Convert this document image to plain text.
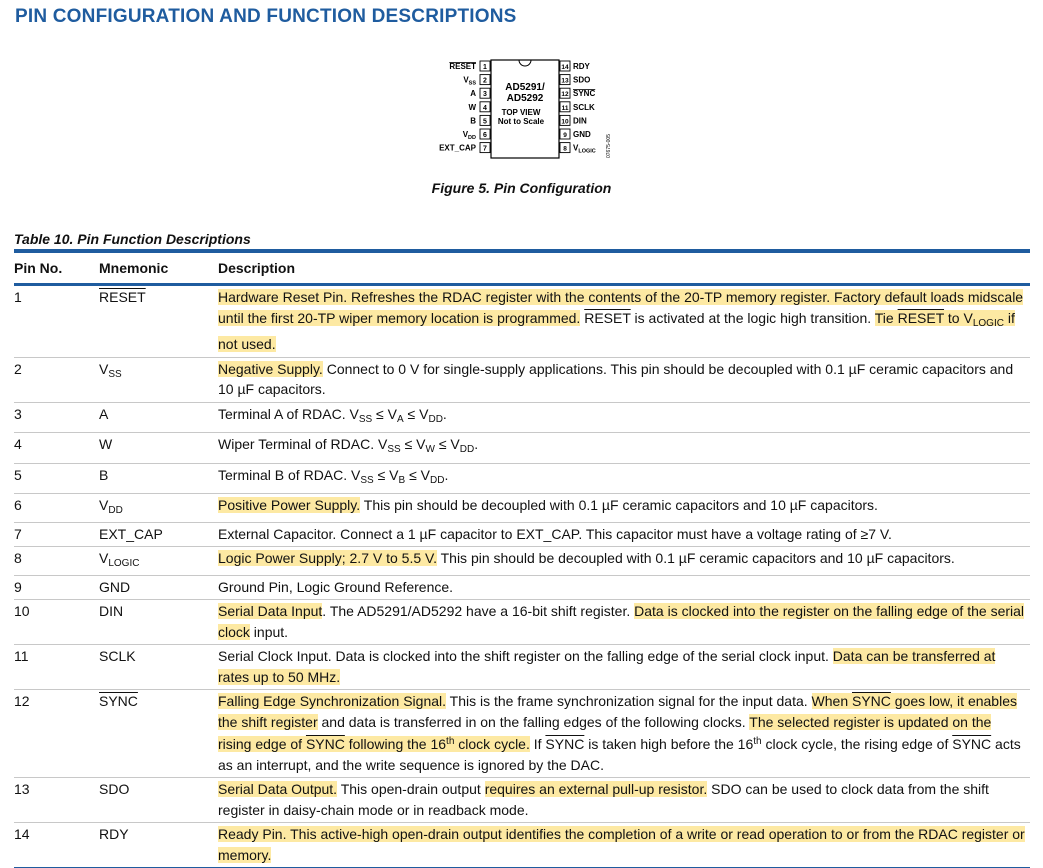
PIN CONFIGURATION AND FUNCTION DESCRIPTIONS
AD5291/
AD5292
TOP VIEW
Not to Scale
1
RESET
2
$V_{SS}$
3
A
4
W
5
B
6
$V_{DD}$
7
EXT_CAP
14 RDY
13 SDO
12 SYNC
11 SCLK
10 DIN
9 GND
8 $V_{LOGIC}$ 07675-005
Figure 5. Pin Configuration
Table 10. Pin Function Descriptions
Pin No.	Mnemonic	Description
1	RESET	Hardware Reset Pin. Refreshes the RDAC register with the contents of the 20-TP memory register. Factory default loads midscale until the first 20-TP wiper memory location is programmed. RESET is activated at the logic high transition. Tie RESET to $V_{LOGIC}$ if not used.
2	$V_{SS}$	Negative Supply. Connect to 0 V for single-supply applications. This pin should be decoupled with 0.1 µF ceramic capacitors and 10 µF capacitors.
3	A	Terminal A of RDAC. $V_{SS} \le V_A \le V_{DD}$.
4	W	Wiper Terminal of RDAC. $V_{SS} \le V_W \le V_{DD}$.
5	B	Terminal B of RDAC. $V_{SS} \le V_B \le V_{DD}$.
6	$V_{DD}$	Positive Power Supply. This pin should be decoupled with 0.1 µF ceramic capacitors and 10 µF capacitors.
7	EXT_CAP	External Capacitor. Connect a 1 µF capacitor to EXT_CAP. This capacitor must have a voltage rating of ≥7 V.
8	$V_{LOGIC}$	Logic Power Supply; 2.7 V to 5.5 V. This pin should be decoupled with 0.1 µF ceramic capacitors and 10 µF capacitors.
9	GND	Ground Pin, Logic Ground Reference.
10	DIN	Serial Data Input. The AD5291/AD5292 have a 16-bit shift register. Data is clocked into the register on the falling edge of the serial clock input.
11	SCLK	Serial Clock Input. Data is clocked into the shift register on the falling edge of the serial clock input. Data can be transferred at rates up to 50 MHz.
12	SYNC	Falling Edge Synchronization Signal. This is the frame synchronization signal for the input data. When SYNC goes low, it enables the shift register and data is transferred in on the falling edges of the following clocks. The selected register is updated on the rising edge of SYNC following the 16th clock cycle. If SYNC is taken high before the 16th clock cycle, the rising edge of SYNC acts as an interrupt, and the write sequence is ignored by the DAC.
13	SDO	Serial Data Output. This open-drain output requires an external pull-up resistor. SDO can be used to clock data from the shift register in daisy-chain mode or in readback mode.
14	RDY	Ready Pin. This active-high open-drain output identifies the completion of a write or read operation to or from the RDAC register or memory.
